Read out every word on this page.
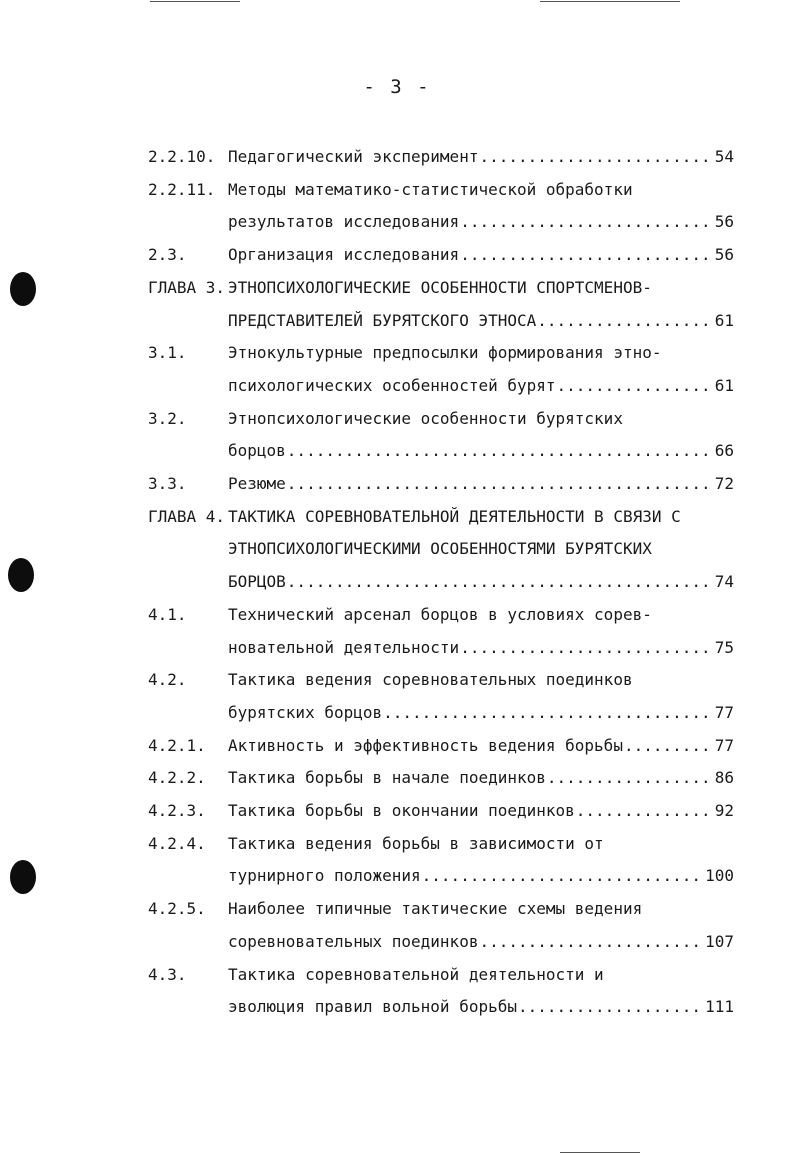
- 3 -
2.2.10. Педагогический эксперимент .....	54
2.2.11. Методы математико-статистической обработки
результатов исследования .....	56
2.3.	Организация исследования .....	56
ГЛАВА 3. ЭТНОПСИХОЛОГИЧЕСКИЕ ОСОБЕННОСТИ СПОРТСМЕНОВ-
ПРЕДСТАВИТЕЛЕЙ БУРЯТСКОГО ЭТНОСА .....	61
3.1.	Этнокультурные предпосылки формирования этно-
психологических особенностей бурят .....	61
3.2.	Этнопсихологические особенности бурятских
борцов .....	66
3.3.	Резюме .....	72
ГЛАВА 4. ТАКТИКА СОРЕВНОВАТЕЛЬНОЙ ДЕЯТЕЛЬНОСТИ В СВЯЗИ С
ЭТНОПСИХОЛОГИЧЕСКИМИ ОСОБЕННОСТЯМИ БУРЯТСКИХ
БОРЦОВ .....	74
4.1.	Технический арсенал борцов в условиях сорев-
новательной деятельности .....	75
4.2.	Тактика ведения соревновательных поединков
бурятских борцов .....	77
4.2.1. Активность и эффективность ведения борьбы .....	77
4.2.2. Тактика борьбы в начале поединков .....	86
4.2.3. Тактика борьбы в окончании поединков .....	92
4.2.4. Тактика ведения борьбы в зависимости от
турнирного положения .....	100
4.2.5. Наиболее типичные тактические схемы ведения
соревновательных поединков .....	107
4.3.	Тактика соревновательной деятельности и
эволюция правил вольной борьбы .....	111
